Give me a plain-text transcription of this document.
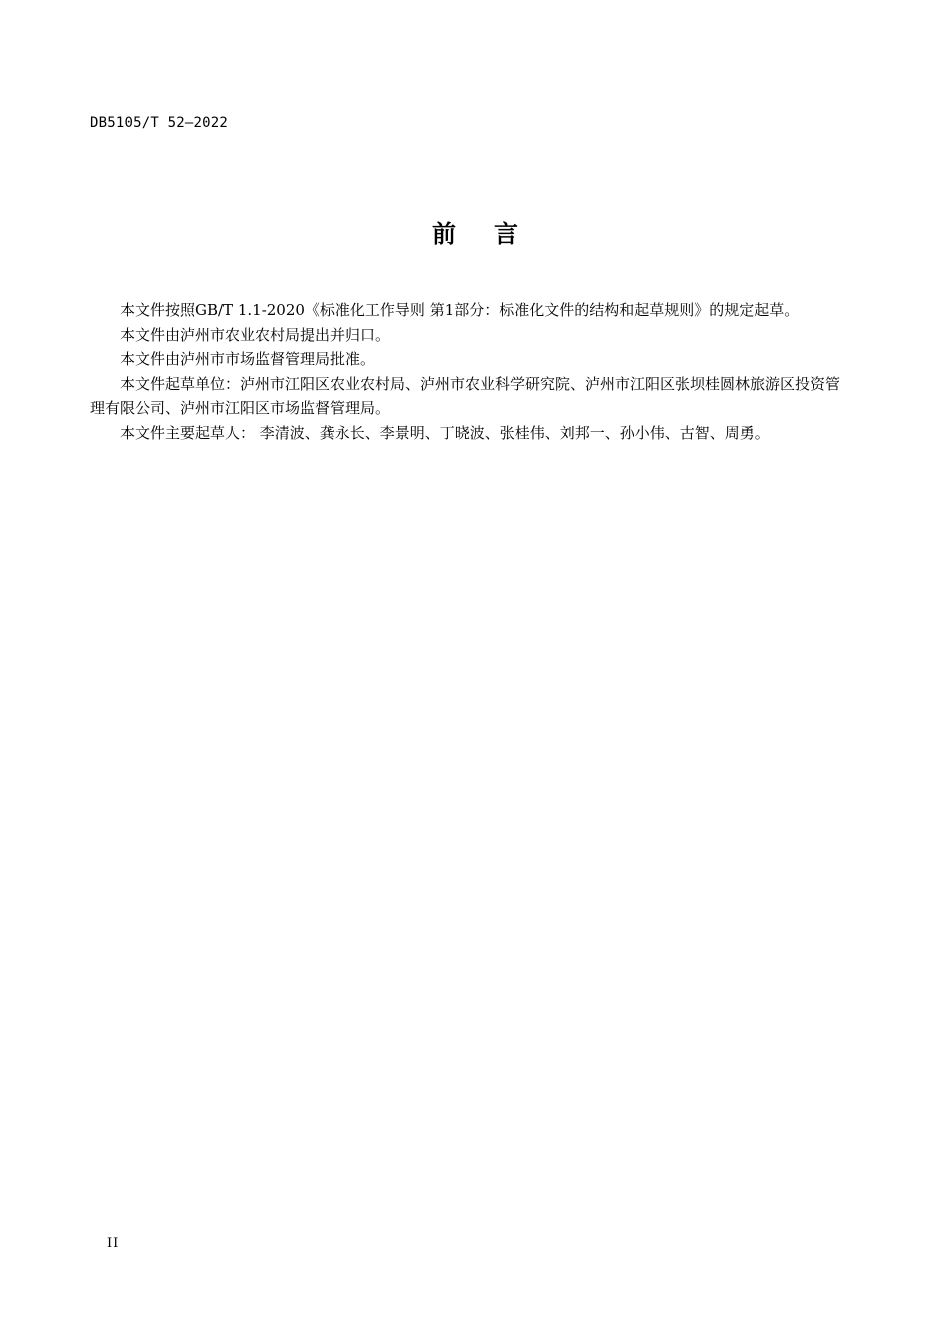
DB5105/T 52—2022
前 言

本文件按照GB/T 1.1-2020《标准化工作导则 第1部分：标准化文件的结构和起草规则》的规定起草。

本文件由泸州市农业农村局提出并归口。

本文件由泸州市市场监督管理局批准。

本文件起草单位：泸州市江阳区农业农村局、泸州市农业科学研究院、泸州市江阳区张坝桂圆林旅游区投资管理有限公司、泸州市江阳区市场监督管理局。

本文件主要起草人： 李清波、龚永长、李景明、丁晓波、张桂伟、刘邦一、孙小伟、古智、周勇。

II
